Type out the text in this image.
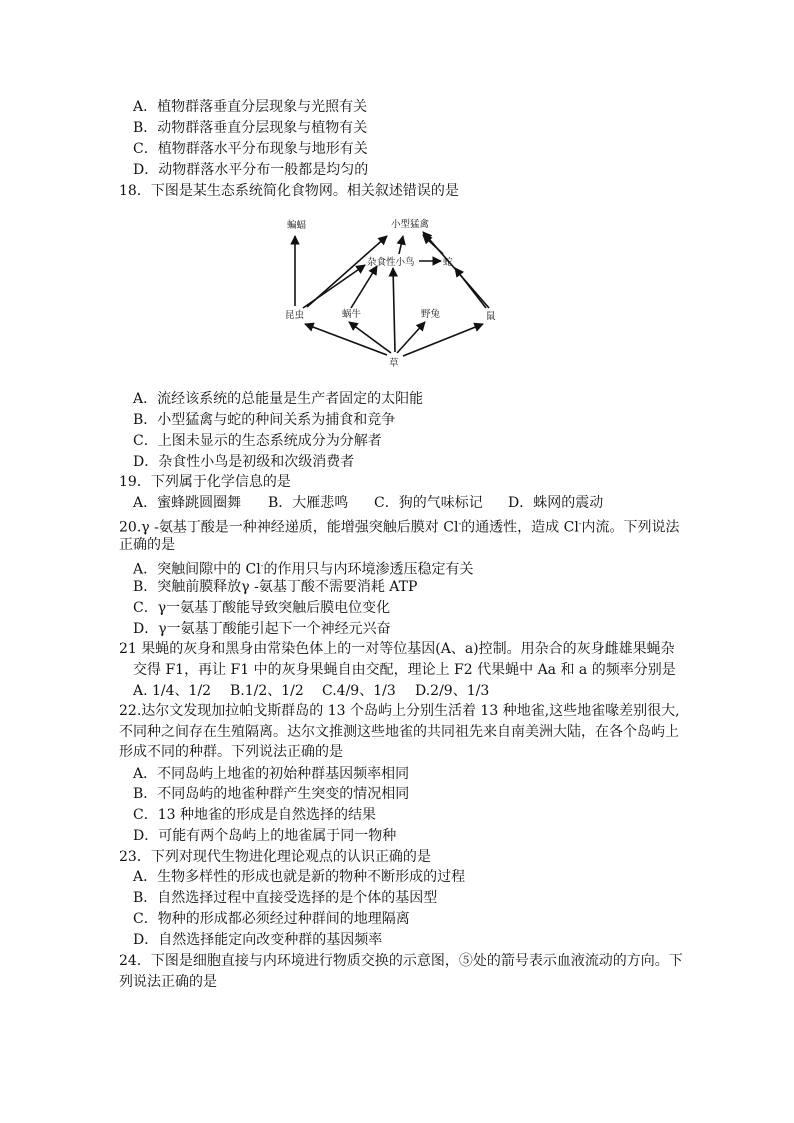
A．植物群落垂直分层现象与光照有关
B．动物群落垂直分层现象与植物有关
C．植物群落水平分布现象与地形有关
D．动物群落水平分布一般都是均匀的
18．下图是某生态系统简化食物网。相关叙述错误的是
蝙蝠	小型猛禽
杂食性小鸟	蛇
昆虫	蜗牛	野兔	鼠
草
A．流经该系统的总能量是生产者固定的太阳能
B．小型猛禽与蛇的种间关系为捕食和竞争
C．上图未显示的生态系统成分为分解者
D．杂食性小鸟是初级和次级消费者
19．下列属于化学信息的是
A．蜜蜂跳圆圈舞 B．大雁悲鸣 C．狗的气味标记 D．蛛网的震动
20.γ -氨基丁酸是一种神经递质，能增强突触后膜对 Cl-的通透性，造成 Cl-内流。下列说法
正确的是
A．突触间隙中的 Cl-的作用只与内环境渗透压稳定有关
B．突触前膜释放γ -氨基丁酸不需要消耗 ATP
C．γ一氨基丁酸能导致突触后膜电位变化
D．γ一氨基丁酸能引起下一个神经元兴奋
21 果蝇的灰身和黑身由常染色体上的一对等位基因(A、a)控制。用杂合的灰身雌雄果蝇杂
交得 F1，再让 F1 中的灰身果蝇自由交配，理论上 F2 代果蝇中 Aa 和 a 的频率分别是
A. 1/4、1/2 B.1/2、1/2 C.4/9、1/3 D.2/9、1/3
22.达尔文发现加拉帕戈斯群岛的 13 个岛屿上分别生活着 13 种地雀,这些地雀喙差别很大,
不同种之间存在生殖隔离。达尔文推测这些地雀的共同祖先来自南美洲大陆，在各个岛屿上
形成不同的种群。下列说法正确的是
A．不同岛屿上地雀的初始种群基因频率相同
B．不同岛屿的地雀种群产生突变的情况相同
C．13 种地雀的形成是自然选择的结果
D．可能有两个岛屿上的地雀属于同一物种
23．下列对现代生物进化理论观点的认识正确的是
A．生物多样性的形成也就是新的物种不断形成的过程
B．自然选择过程中直接受选择的是个体的基因型
C．物种的形成都必须经过种群间的地理隔离
D．自然选择能定向改变种群的基因频率
24．下图是细胞直接与内环境进行物质交换的示意图，⑤处的箭号表示血液流动的方向。下
列说法正确的是
